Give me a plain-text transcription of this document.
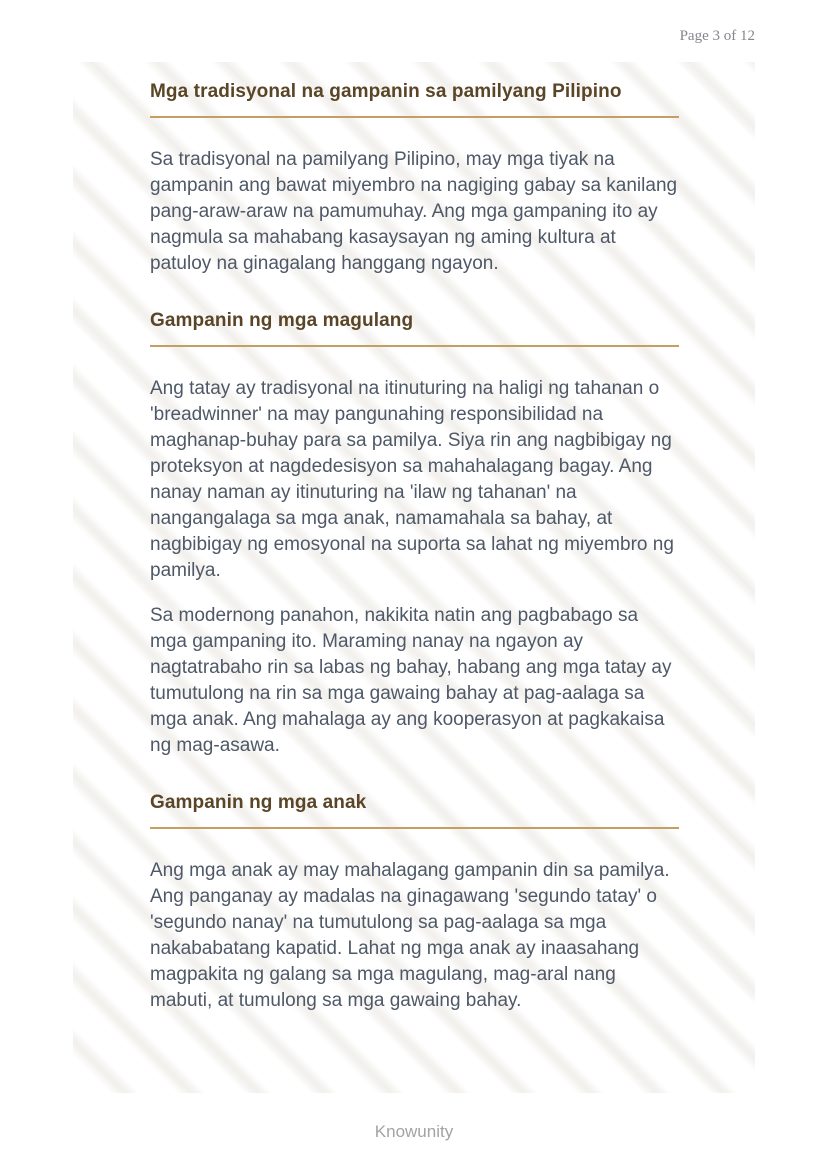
Page 3 of 12
Mga tradisyonal na gampanin sa pamilyang Pilipino

Sa tradisyonal na pamilyang Pilipino, may mga tiyak na gampanin ang bawat miyembro na nagiging gabay sa kanilang pang-araw-araw na pamumuhay. Ang mga gampaning ito ay nagmula sa mahabang kasaysayan ng aming kultura at patuloy na ginagalang hanggang ngayon.

Gampanin ng mga magulang

Ang tatay ay tradisyonal na itinuturing na haligi ng tahanan o 'breadwinner' na may pangunahing responsibilidad na maghanap-buhay para sa pamilya. Siya rin ang nagbibigay ng proteksyon at nagdedesisyon sa mahahalagang bagay. Ang nanay naman ay itinuturing na 'ilaw ng tahanan' na nangangalaga sa mga anak, namamahala sa bahay, at nagbibigay ng emosyonal na suporta sa lahat ng miyembro ng pamilya.

Sa modernong panahon, nakikita natin ang pagbabago sa mga gampaning ito. Maraming nanay na ngayon ay nagtatrabaho rin sa labas ng bahay, habang ang mga tatay ay tumutulong na rin sa mga gawaing bahay at pag-aalaga sa mga anak. Ang mahalaga ay ang kooperasyon at pagkakaisa ng mag-asawa.

Gampanin ng mga anak

Ang mga anak ay may mahalagang gampanin din sa pamilya. Ang panganay ay madalas na ginagawang 'segundo tatay' o 'segundo nanay' na tumutulong sa pag-aalaga sa mga nakababatang kapatid. Lahat ng mga anak ay inaasahang magpakita ng galang sa mga magulang, mag-aral nang mabuti, at tumulong sa mga gawaing bahay.

Knowunity
